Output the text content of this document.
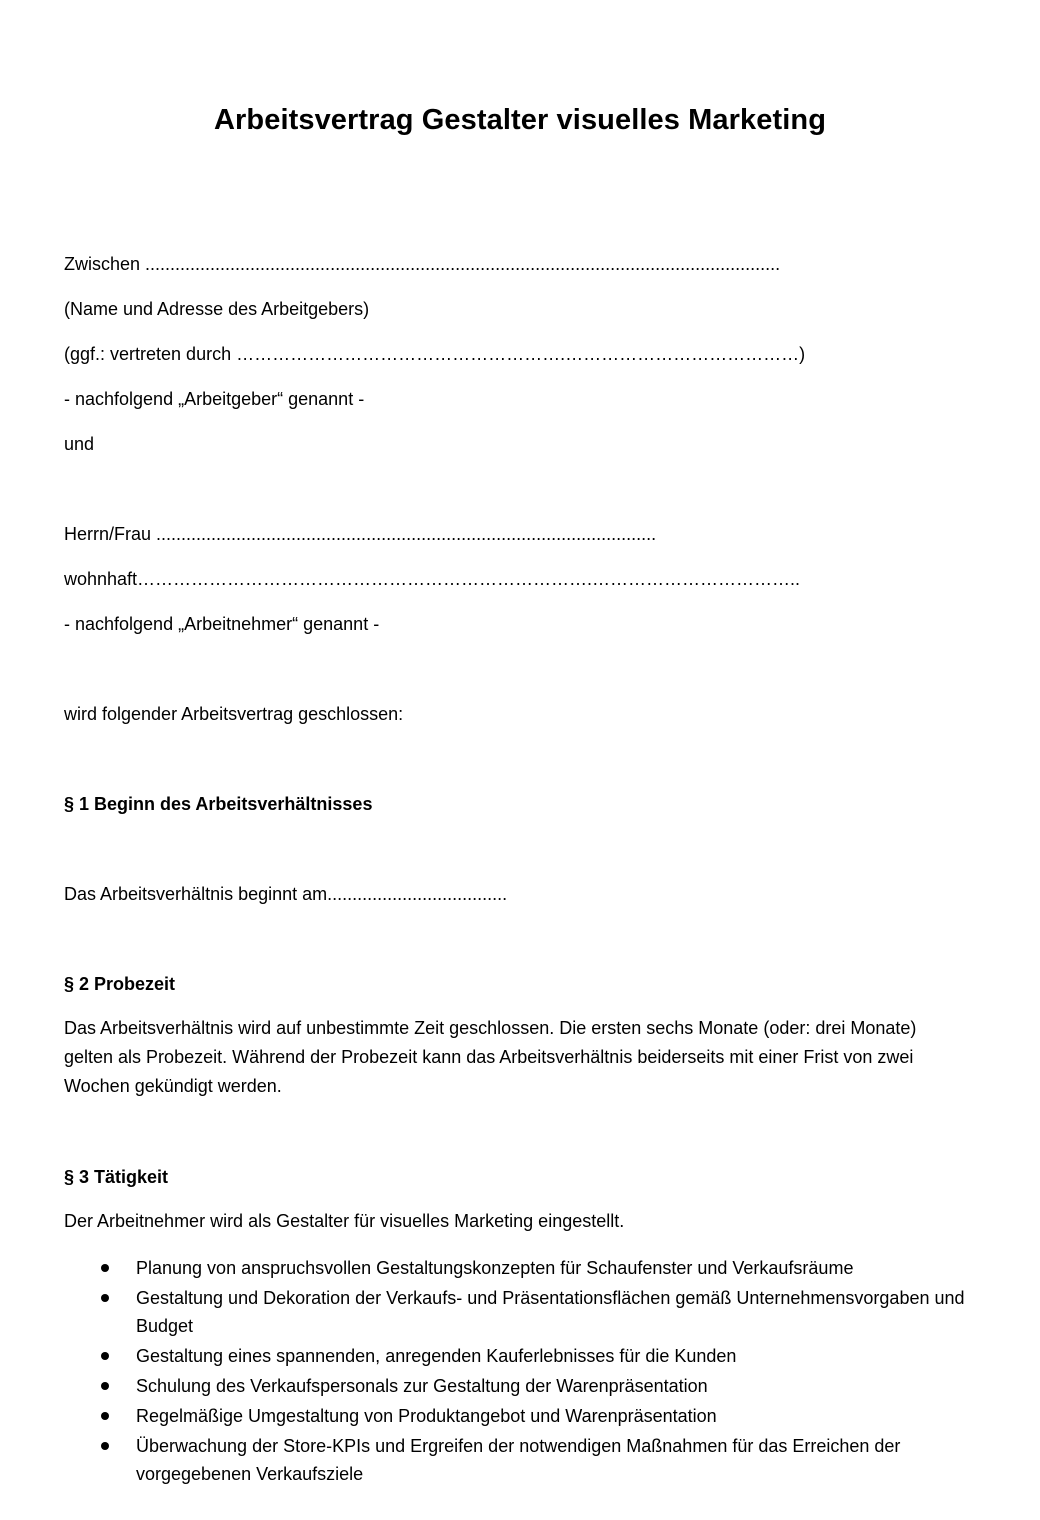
Arbeitsvertrag Gestalter visuelles Marketing
Zwischen ...............................................................................................................................
(Name und Adresse des Arbeitgebers)
(ggf.: vertreten durch ……………………………………………….…………………………………)
- nachfolgend „Arbeitgeber“ genannt -
und
Herrn/Frau ....................................................................................................
wohnhaft………………………………………………………………….……………………………..
- nachfolgend „Arbeitnehmer“ genannt -
wird folgender Arbeitsvertrag geschlossen:
§ 1 Beginn des Arbeitsverhältnisses
Das Arbeitsverhältnis beginnt am....................................
§ 2 Probezeit
Das Arbeitsverhältnis wird auf unbestimmte Zeit geschlossen. Die ersten sechs Monate (oder: drei Monate) gelten als Probezeit. Während der Probezeit kann das Arbeitsverhältnis beiderseits mit einer Frist von zwei Wochen gekündigt werden.
§ 3 Tätigkeit
Der Arbeitnehmer wird als Gestalter für visuelles Marketing eingestellt.
Planung von anspruchsvollen Gestaltungskonzepten für Schaufenster und Verkaufsräume
Gestaltung und Dekoration der Verkaufs- und Präsentationsflächen gemäß Unternehmensvorgaben und Budget
Gestaltung eines spannenden, anregenden Kauferlebnisses für die Kunden
Schulung des Verkaufspersonals zur Gestaltung der Warenpräsentation
Regelmäßige Umgestaltung von Produktangebot und Warenpräsentation
Überwachung der Store-KPIs und Ergreifen der notwendigen Maßnahmen für das Erreichen der vorgegebenen Verkaufsziele
